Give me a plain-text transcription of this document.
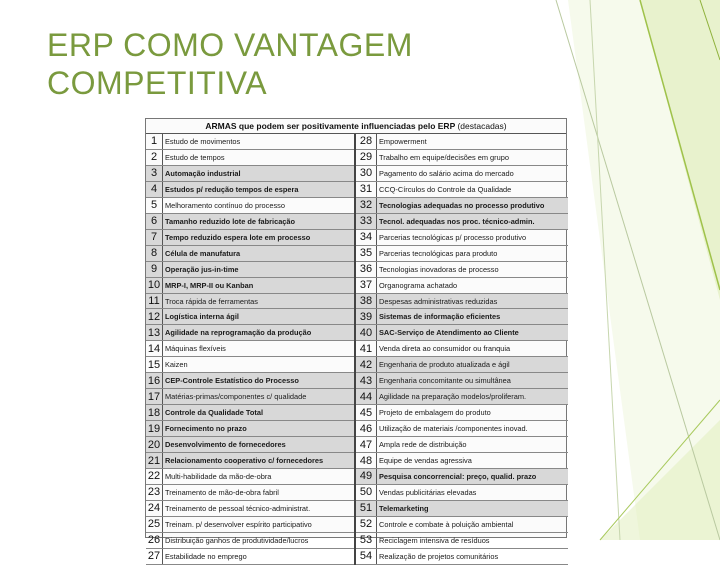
ERP COMO VANTAGEM
COMPETITIVA
ARMAS que podem ser positivamente influenciadas pelo ERP (destacadas)
1	Estudo de movimentos	28	Empowerment
2	Estudo de tempos	29	Trabalho em equipe/decisões em grupo
3	Automação industrial	30	Pagamento do salário acima do mercado
4	Estudos p/ redução tempos de espera	31	CCQ-Círculos do Controle da Qualidade
5	Melhoramento contínuo do processo	32	Tecnologias adequadas no processo produtivo
6	Tamanho reduzido lote de fabricação	33	Tecnol. adequadas nos proc. técnico-admin.
7	Tempo reduzido espera lote em processo	34	Parcerias tecnológicas p/ processo produtivo
8	Célula de manufatura	35	Parcerias tecnológicas para produto
9	Operação jus-in-time	36	Tecnologias inovadoras de processo
10	MRP-I, MRP-II ou Kanban	37	Organograma achatado
11	Troca rápida de ferramentas	38	Despesas administrativas reduzidas
12	Logística interna ágil	39	Sistemas de informação eficientes
13	Agilidade na reprogramação da produção	40	SAC-Serviço de Atendimento ao Cliente
14	Máquinas flexíveis	41	Venda direta ao consumidor ou franquia
15	Kaizen	42	Engenharia de produto atualizada e ágil
16	CEP-Controle Estatístico do Processo	43	Engenharia concomitante ou simultânea
17	Matérias-primas/componentes c/ qualidade	44	Agilidade na preparação modelos/proliferam.
18	Controle da Qualidade Total	45	Projeto de embalagem do produto
19	Fornecimento no prazo	46	Utilização de materiais /componentes inovad.
20	Desenvolvimento de fornecedores	47	Ampla rede de distribuição
21	Relacionamento cooperativo c/ fornecedores	48	Equipe de vendas agressiva
22	Multi-habilidade da mão-de-obra	49	Pesquisa concorrencial: preço, qualid. prazo
23	Treinamento de mão-de-obra fabril	50	Vendas publicitárias elevadas
24	Treinamento de pessoal técnico-administrat.	51	Telemarketing
25	Treinam. p/ desenvolver espírito participativo	52	Controle e combate à poluição ambiental
26	Distribuição ganhos de produtividade/lucros	53	Reciclagem intensiva de resíduos
27	Estabilidade no emprego	54	Realização de projetos comunitários
